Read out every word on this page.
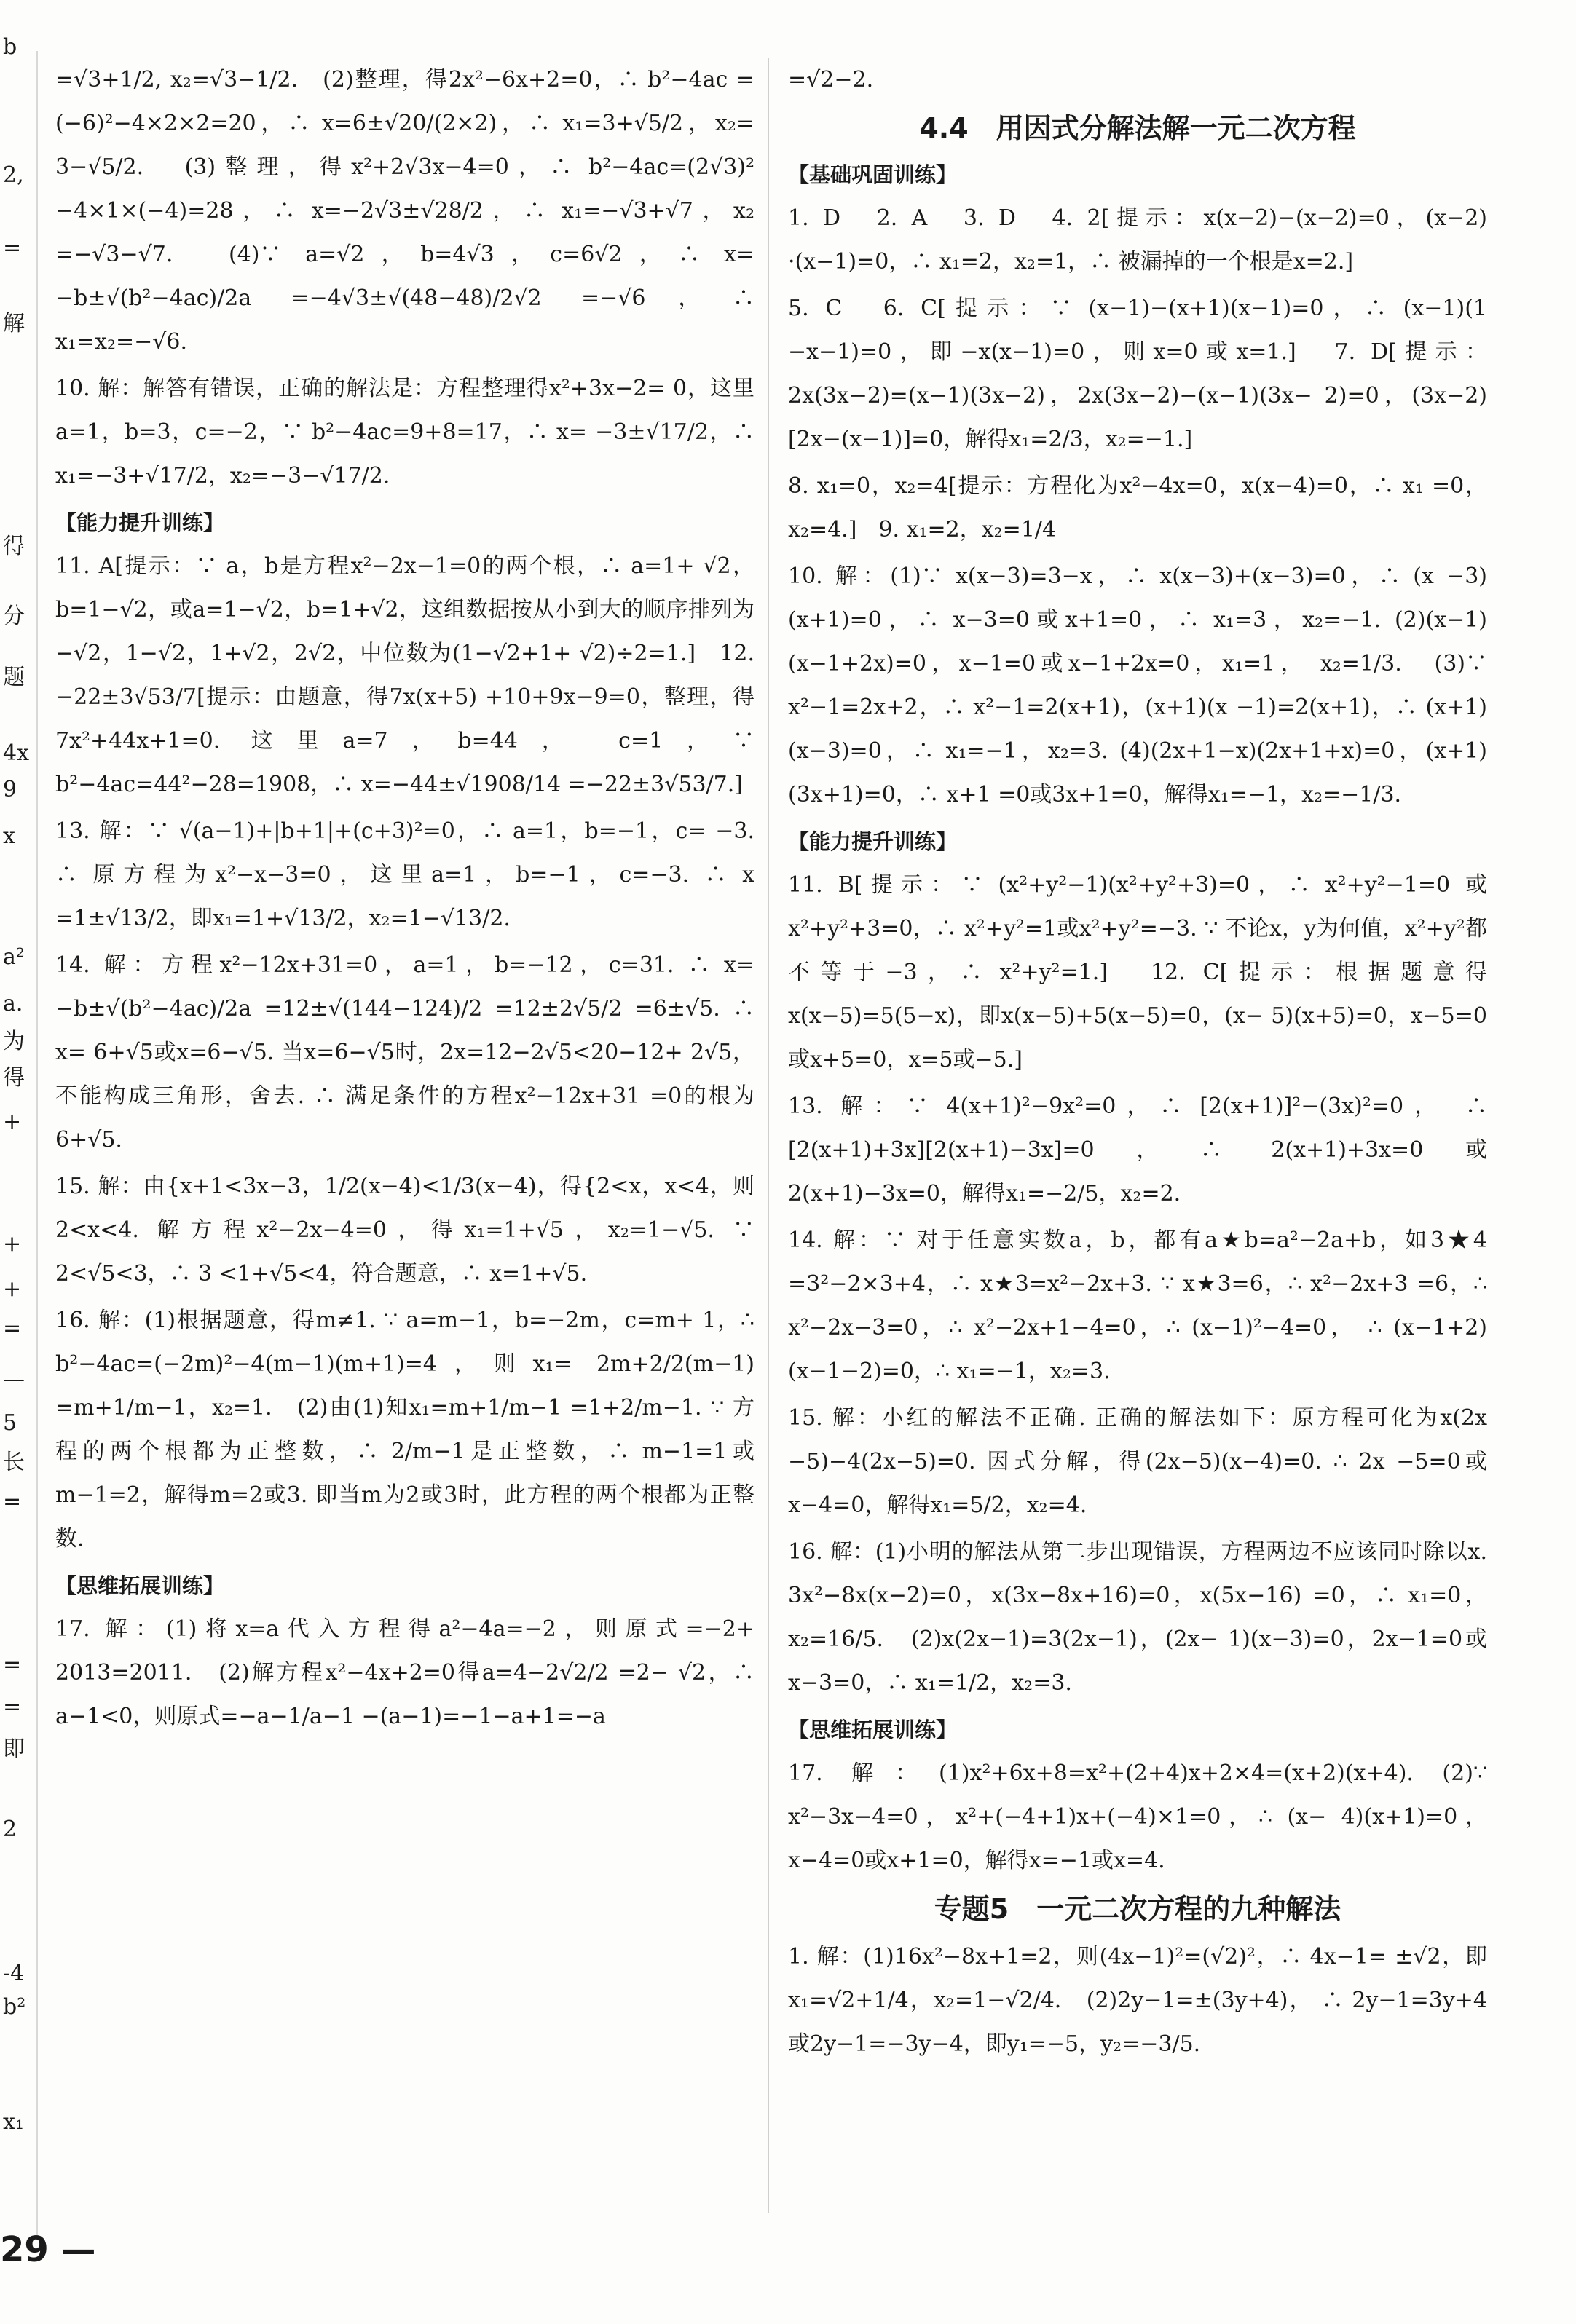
b
2,
=
解
得
分
题
4x
9
x
a²
a.
为
得
+
+
+
=
—
5
长
=
=
=
即
2
-4
b²
x₁

=√3+1/2, x₂=√3−1/2.　(2)整理，得2x²−6x+2=0，∴ b²−4ac =(−6)²−4×2×2=20，∴ x=6±√20/(2×2)，∴ x₁=3+√5/2，x₂= 3−√5/2.　(3)整理，得x²+2√3x−4=0，∴ b²−4ac=(2√3)² −4×1×(−4)=28，∴ x=−2√3±√28/2，∴ x₁=−√3+√7，x₂ =−√3−√7.　(4)∵ a=√2，b=4√3，c=6√2，∴ x= −b±√(b²−4ac)/2a =−4√3±√(48−48)/2√2 =−√6，∴ x₁=x₂=−√6.

10. 解：解答有错误，正确的解法是：方程整理得x²+3x−2= 0，这里a=1，b=3，c=−2，∵ b²−4ac=9+8=17，∴ x= −3±√17/2，∴ x₁=−3+√17/2，x₂=−3−√17/2.

【能力提升训练】

11. A[提示：∵ a，b是方程x²−2x−1=0的两个根，∴ a=1+ √2，b=1−√2，或a=1−√2，b=1+√2，这组数据按从小到大的顺序排列为−√2，1−√2，1+√2，2√2，中位数为(1−√2+1+ √2)÷2=1.]　12. −22±3√53/7[提示：由题意，得7x(x+5) +10+9x−9=0，整理，得7x²+44x+1=0. 这里a=7，b=44， c=1，∵ b²−4ac=44²−28=1908，∴ x=−44±√1908/14 =−22±3√53/7.]

13. 解：∵ √(a−1)+|b+1|+(c+3)²=0，∴ a=1，b=−1，c= −3. ∴ 原方程为x²−x−3=0，这里a=1，b=−1，c=−3. ∴ x =1±√13/2，即x₁=1+√13/2，x₂=1−√13/2.

14. 解：方程x²−12x+31=0，a=1，b=−12，c=31. ∴ x= −b±√(b²−4ac)/2a =12±√(144−124)/2 =12±2√5/2 =6±√5. ∴ x= 6+√5或x=6−√5. 当x=6−√5时，2x=12−2√5<20−12+ 2√5，不能构成三角形，舍去. ∴ 满足条件的方程x²−12x+31 =0的根为6+√5.

15. 解：由{x+1<3x−3，1/2(x−4)<1/3(x−4)，得{2<x，x<4，则2<x<4. 解方程x²−2x−4=0，得x₁=1+√5，x₂=1−√5. ∵ 2<√5<3，∴ 3 <1+√5<4，符合题意，∴ x=1+√5.

16. 解：(1)根据题意，得m≠1. ∵ a=m−1，b=−2m，c=m+ 1，∴ b²−4ac=(−2m)²−4(m−1)(m+1)=4，则x₁= 2m+2/2(m−1) =m+1/m−1，x₂=1.　(2)由(1)知x₁=m+1/m−1 =1+2/m−1. ∵ 方程的两个根都为正整数，∴ 2/m−1是正整数，∴ m−1=1或 m−1=2，解得m=2或3. 即当m为2或3时，此方程的两个根都为正整数.

【思维拓展训练】

17. 解：(1)将x=a代入方程得a²−4a=−2，则原式=−2+ 2013=2011.　(2)解方程x²−4x+2=0得a=4−2√2/2 =2− √2，∴ a−1<0，则原式=−a−1/a−1 −(a−1)=−1−a+1=−a

=√2−2.

4.4　用因式分解法解一元二次方程
【基础巩固训练】

1. D　2. A　3. D　4. 2[提示：x(x−2)−(x−2)=0，(x−2) ·(x−1)=0，∴ x₁=2，x₂=1，∴ 被漏掉的一个根是x=2.]

5. C　6. C[提示：∵ (x−1)−(x+1)(x−1)=0，∴ (x−1)(1 −x−1)=0，即−x(x−1)=0，则x=0或x=1.]　7. D[提示：2x(3x−2)=(x−1)(3x−2)，2x(3x−2)−(x−1)(3x− 2)=0，(3x−2)[2x−(x−1)]=0，解得x₁=2/3，x₂=−1.]

8. x₁=0，x₂=4[提示：方程化为x²−4x=0，x(x−4)=0，∴ x₁ =0，x₂=4.]　9. x₁=2，x₂=1/4

10. 解：(1)∵ x(x−3)=3−x，∴ x(x−3)+(x−3)=0，∴ (x −3)(x+1)=0，∴ x−3=0或x+1=0，∴ x₁=3，x₂=−1. (2)(x−1)(x−1+2x)=0，x−1=0或x−1+2x=0，x₁=1， x₂=1/3.　(3)∵ x²−1=2x+2，∴ x²−1=2(x+1)，(x+1)(x −1)=2(x+1)，∴ (x+1)(x−3)=0，∴ x₁=−1，x₂=3. (4)(2x+1−x)(2x+1+x)=0，(x+1)(3x+1)=0，∴ x+1 =0或3x+1=0，解得x₁=−1，x₂=−1/3.

【能力提升训练】

11. B[提示：∵ (x²+y²−1)(x²+y²+3)=0，∴ x²+y²−1=0 或x²+y²+3=0，∴ x²+y²=1或x²+y²=−3. ∵ 不论x，y为何值，x²+y²都不等于−3，∴ x²+y²=1.]　12. C[提示：根据题意得x(x−5)=5(5−x)，即x(x−5)+5(x−5)=0，(x− 5)(x+5)=0，x−5=0或x+5=0，x=5或−5.]

13. 解：∵ 4(x+1)²−9x²=0，∴ [2(x+1)]²−(3x)²=0， ∴ [2(x+1)+3x][2(x+1)−3x]=0，∴ 2(x+1)+3x=0或 2(x+1)−3x=0，解得x₁=−2/5，x₂=2.

14. 解：∵ 对于任意实数a，b，都有a★b=a²−2a+b，如3★4 =3²−2×3+4，∴ x★3=x²−2x+3. ∵ x★3=6，∴ x²−2x+3 =6，∴ x²−2x−3=0，∴ x²−2x+1−4=0，∴ (x−1)²−4=0， ∴ (x−1+2)(x−1−2)=0，∴ x₁=−1，x₂=3.

15. 解：小红的解法不正确. 正确的解法如下：原方程可化为x(2x −5)−4(2x−5)=0. 因式分解，得(2x−5)(x−4)=0. ∴ 2x −5=0或x−4=0，解得x₁=5/2，x₂=4.

16. 解：(1)小明的解法从第二步出现错误，方程两边不应该同时除以x. 3x²−8x(x−2)=0，x(3x−8x+16)=0，x(5x−16) =0，∴ x₁=0，x₂=16/5.　(2)x(2x−1)=3(2x−1)，(2x− 1)(x−3)=0，2x−1=0或x−3=0，∴ x₁=1/2，x₂=3.

【思维拓展训练】

17. 解：(1)x²+6x+8=x²+(2+4)x+2×4=(x+2)(x+4). (2)∵ x²−3x−4=0，x²+(−4+1)x+(−4)×1=0，∴ (x− 4)(x+1)=0，x−4=0或x+1=0，解得x=−1或x=4.

专题5　一元二次方程的九种解法

1. 解：(1)16x²−8x+1=2，则(4x−1)²=(√2)²，∴ 4x−1= ±√2，即x₁=√2+1/4，x₂=1−√2/4.　(2)2y−1=±(3y+4)， ∴ 2y−1=3y+4或2y−1=−3y−4，即y₁=−5，y₂=−3/5.

29 —
